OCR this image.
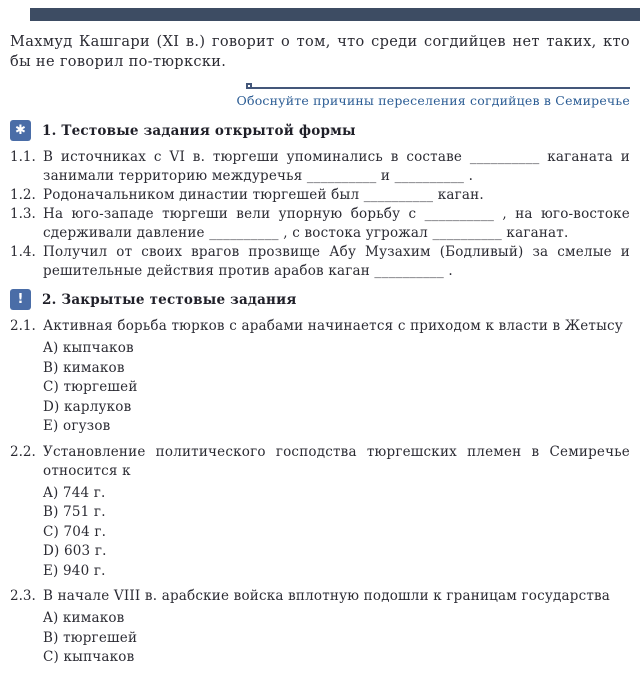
Махмуд Кашгари (XI в.) говорит о том, что среди согдийцев нет таких, кто бы не говорил по-тюркски.

Обоснуйте причины переселения согдийцев в Семиречье
✱	1. Тестовые задания открытой формы
1.1. В источниках с VI в. тюргеши упоминались в составе __________ каганата и занимали территорию междуречья __________ и __________ .
1.2. Родоначальником династии тюргешей был __________ каган.
1.3. На юго-западе тюргеши вели упорную борьбу с __________ , на юго-востоке сдерживали давление __________ , с востока угрожал __________ каганат.
1.4. Получил от своих врагов прозвище Абу Музахим (Бодливый) за смелые и решительные действия против арабов каган __________ .
!	2. Закрытые тестовые задания
2.1. Активная борьба тюрков с арабами начинается с приходом к власти в Жетысу
A) кыпчаков
B) кимаков
C) тюргешей
D) карлуков
E) огузов
2.2. Установление политического господства тюргешских племен в Семиречье относится к
A) 744 г.
B) 751 г.
C) 704 г.
D) 603 г.
E) 940 г.
2.3. В начале VIII в. арабские войска вплотную подошли к границам государства
A) кимаков
B) тюргешей
C) кыпчаков
